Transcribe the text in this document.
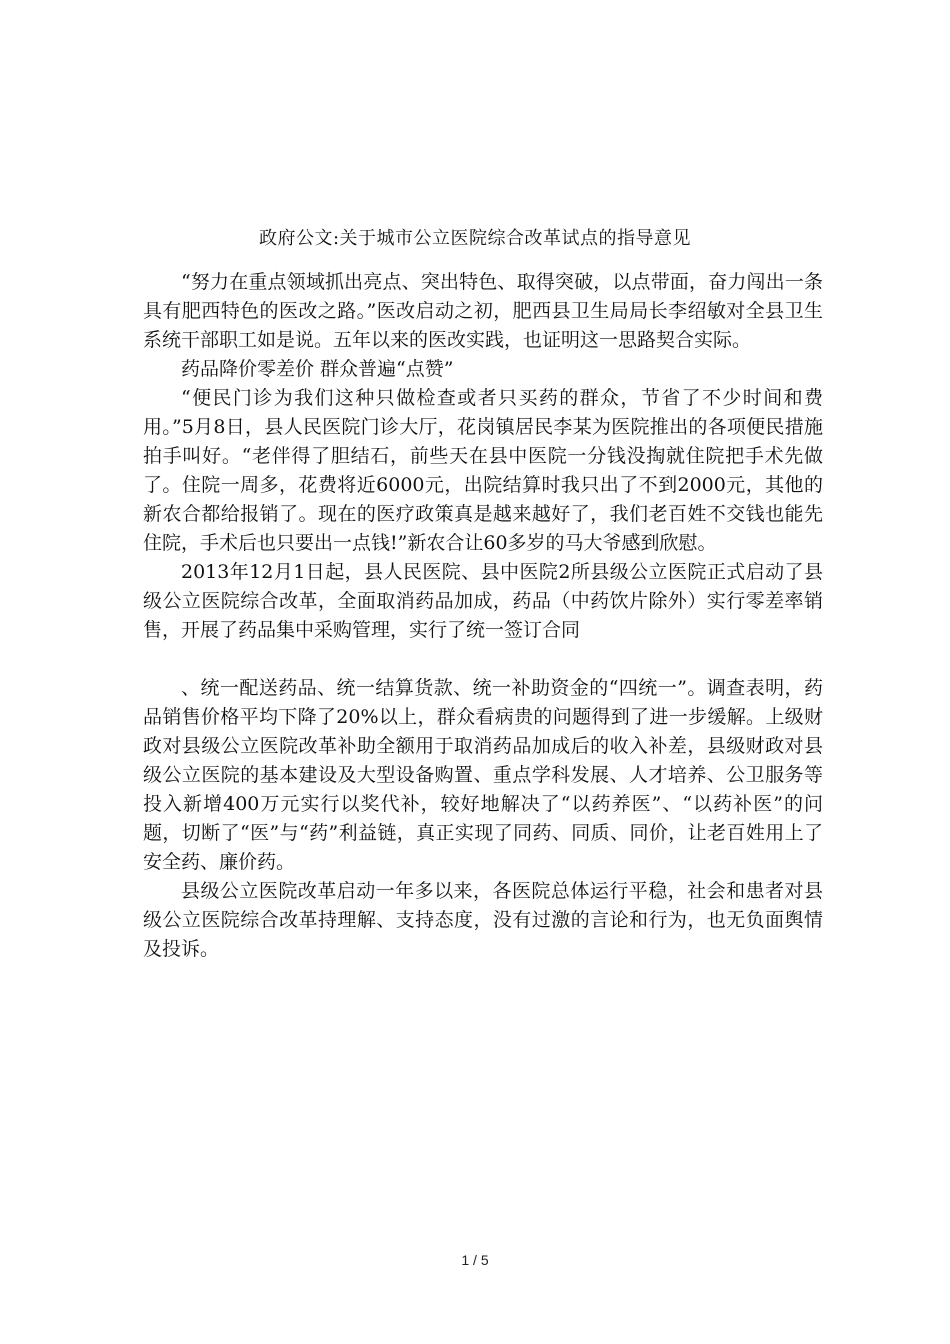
政府公文:关于城市公立医院综合改革试点的指导意见

“努力在重点领域抓出亮点、突出特色、取得突破，以点带面，奋力闯出一条具有肥西特色的医改之路。”医改启动之初，肥西县卫生局局长李绍敏对全县卫生系统干部职工如是说。五年以来的医改实践，也证明这一思路契合实际。

药品降价零差价 群众普遍“点赞”

“便民门诊为我们这种只做检查或者只买药的群众，节省了不少时间和费用。”5月8日，县人民医院门诊大厅，花岗镇居民李某为医院推出的各项便民措施拍手叫好。“老伴得了胆结石，前些天在县中医院一分钱没掏就住院把手术先做了。住院一周多，花费将近6000元，出院结算时我只出了不到2000元，其他的新农合都给报销了。现在的医疗政策真是越来越好了，我们老百姓不交钱也能先住院，手术后也只要出一点钱!”新农合让60多岁的马大爷感到欣慰。

2013年12月1日起，县人民医院、县中医院2所县级公立医院正式启动了县级公立医院综合改革，全面取消药品加成，药品（中药饮片除外）实行零差率销售，开展了药品集中采购管理，实行了统一签订合同

、统一配送药品、统一结算货款、统一补助资金的“四统一”。调查表明，药品销售价格平均下降了20%以上，群众看病贵的问题得到了进一步缓解。上级财政对县级公立医院改革补助全额用于取消药品加成后的收入补差，县级财政对县级公立医院的基本建设及大型设备购置、重点学科发展、人才培养、公卫服务等投入新增400万元实行以奖代补，较好地解决了“以药养医”、“以药补医”的问题，切断了“医”与“药”利益链，真正实现了同药、同质、同价，让老百姓用上了安全药、廉价药。

县级公立医院改革启动一年多以来，各医院总体运行平稳，社会和患者对县级公立医院综合改革持理解、支持态度，没有过激的言论和行为，也无负面舆情及投诉。

1 / 5
